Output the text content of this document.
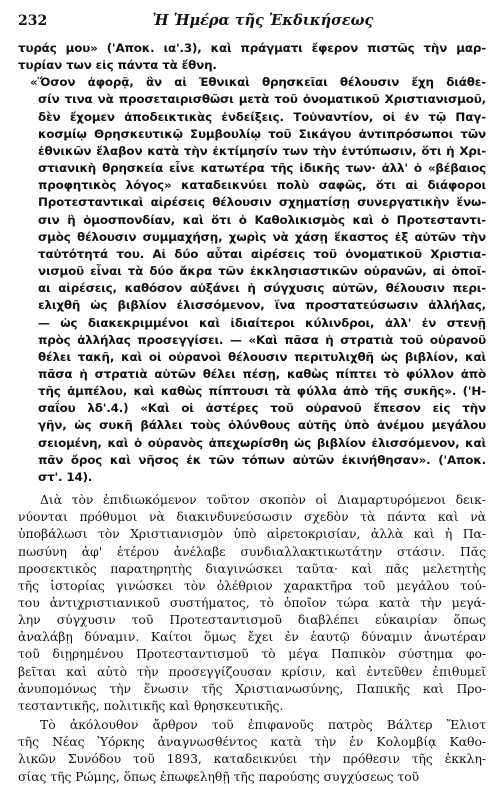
232	Ἡ Ἡμέρα τῆς Ἐκδικήσεως
τυράς μου» ('Αποκ. ια'.3), καὶ πράγματι ἔφερον πιστῶς τὴν μαρ-
τυρίαν των εἰς πάντα τὰ ἔθνη.
«Ὅσον ἀφορᾷ, ἂν αἱ Ἐθνικαὶ θρησκεῖαι θέλουσιν ἔχη διάθε-
σίν τινα νὰ προσεταιρισθῶσι μετὰ τοῦ ὀνοματικοῦ Χριστιανισμοῦ,
δὲν ἔχομεν ἀποδεικτικὰς ἐνδείξεις. Τοὐναντίον, οἱ ἐν τῷ Παγ-
κοσμίῳ Θρησκευτικῷ Συμβουλίῳ τοῦ Σικάγου ἀντιπρόσωποι τῶν
ἐθνικῶν ἔλαβον κατὰ τὴν ἐκτίμησίν των τὴν ἐντύπωσιν, ὅτι ἡ Χρι-
στιανικὴ θρησκεία εἶνε κατωτέρα τῆς ἰδικῆς των· ἀλλ' ὁ «βέβαιος
προφητικὸς λόγος» καταδεικνύει πολὺ σαφῶς, ὅτι αἱ διάφοροι
Προτεσταντικαὶ αἱρέσεις θέλουσιν σχηματίσῃ συνεργατικὴν ἕνω-
σιν ἢ ὁμοσπονδίαν, καὶ ὅτι ὁ Καθολικισμὸς καὶ ὁ Προτεσταντι-
σμὸς θέλουσιν συμμαχήσῃ, χωρὶς νὰ χάσῃ ἕκαστος ἐξ αὐτῶν τὴν
ταὐτότητά του. Αἱ δύο αὗται αἱρέσεις τοῦ ὀνοματικοῦ Χριστια-
νισμοῦ εἶναι τὰ δύο ἄκρα τῶν ἐκκλησιαστικῶν οὐρανῶν, αἱ ὁποῖ-
αι αἱρέσεις, καθόσον αὐξάνει ἡ σύγχυσις αὐτῶν, θέλουσιν περι-
ελιχθῆ ὡς βιβλίον ἐλισσόμενον, ἵνα προστατεύσωσιν ἀλλήλας,
— ὡς διακεκριμμένοι καὶ ἰδιαίτεροι κύλινδροι, ἀλλ' ἐν στενῇ
πρὸς ἀλλήλας προσεγγίσει. — «Καὶ πᾶσα ἡ στρατιὰ τοῦ οὐρανοῦ
θέλει τακῆ, καὶ οἱ οὐρανοὶ θέλουσιν περιτυλιχθῆ ὡς βιβλίον, καὶ
πᾶσα ἡ στρατιὰ αὐτῶν θέλει πέσῃ, καθὼς πίπτει τὸ φύλλον ἀπὸ
τῆς ἀμπέλου, καὶ καθὼς πίπτουσι τὰ φύλλα ἀπὸ τῆς συκῆς». ('Η-
σαΐου λδ'.4.) «Καὶ οἱ ἀστέρες τοῦ οὐρανοῦ ἔπεσον εἰς τὴν
γῆν, ὡς συκῆ βάλλει τοὺς ὀλύνθους αὐτῆς ὑπὸ ἀνέμου μεγάλου
σειομένη, καὶ ὁ οὐρανὸς ἀπεχωρίσθη ὡς βιβλίον ἐλισσόμενον, καὶ
πᾶν ὄρος καὶ νῆσος ἐκ τῶν τόπων αὐτῶν ἐκινήθησαν». ('Αποκ.
στ'. 14).
Διὰ τὸν ἐπιδιωκόμενον τοῦτον σκοπὸν οἱ Διαμαρτυρόμενοι δεικ-
νύονται πρόθυμοι νὰ διακινδυνεύσωσιν σχεδὸν τὰ πάντα καὶ νὰ
ὑποβάλωσι τὸν Χριστιανισμὸν ὑπὸ αἱρετοκρισίαν, ἀλλὰ καὶ ἡ Πα-
πωσύνη ἀφ' ἑτέρου ἀνέλαβε συνδιαλλακτικωτάτην στάσιν. Πᾶς
προσεκτικὸς παρατηρητὴς διαγινώσκει ταῦτα· καὶ πᾶς μελετητὴς
τῆς ἱστορίας γινώσκει τὸν ὀλέθριον χαρακτῆρα τοῦ μεγάλου τού-
του ἀντιχριστιανικοῦ συστήματος, τὸ ὁποῖον τώρα κατὰ τὴν μεγά-
λην σύγχυσιν τοῦ Προτεσταντισμοῦ διαβλέπει εὐκαιρίαν ὅπως
ἀναλάβῃ δύναμιν. Καίτοι ὅμως ἔχει ἐν ἑαυτῷ δύναμιν ἀνωτέραν
τοῦ διῃρημένου Προτεσταντισμοῦ τὸ μέγα Παπικὸν σύστημα φο-
βεῖται καὶ αὐτὸ τὴν προσεγγίζουσαν κρίσιν, καὶ ἐντεῦθεν ἐπιθυμεῖ
ἀνυπομόνως τὴν ἕνωσιν τῆς Χριστιανωσύνης, Παπικῆς καὶ Προ-
τεσταντικῆς, πολιτικῆς καὶ θρησκευτικῆς.
Τὸ ἀκόλουθον ἄρθρον τοῦ ἐπιφανοῦς πατρὸς Βάλτερ Ἔλιοτ
τῆς Νέας Ὑόρκης ἀναγνωσθέντος κατὰ τὴν ἐν Κολομβίᾳ Καθο-
λικῶν Συνόδου τοῦ 1893, καταδεικνύει τὴν πρόθεσιν τῆς ἐκκλη-
σίας τῆς Ρώμης, ὅπως ἐπωφεληθῇ τῆς παρούσης συγχύσεως τοῦ
